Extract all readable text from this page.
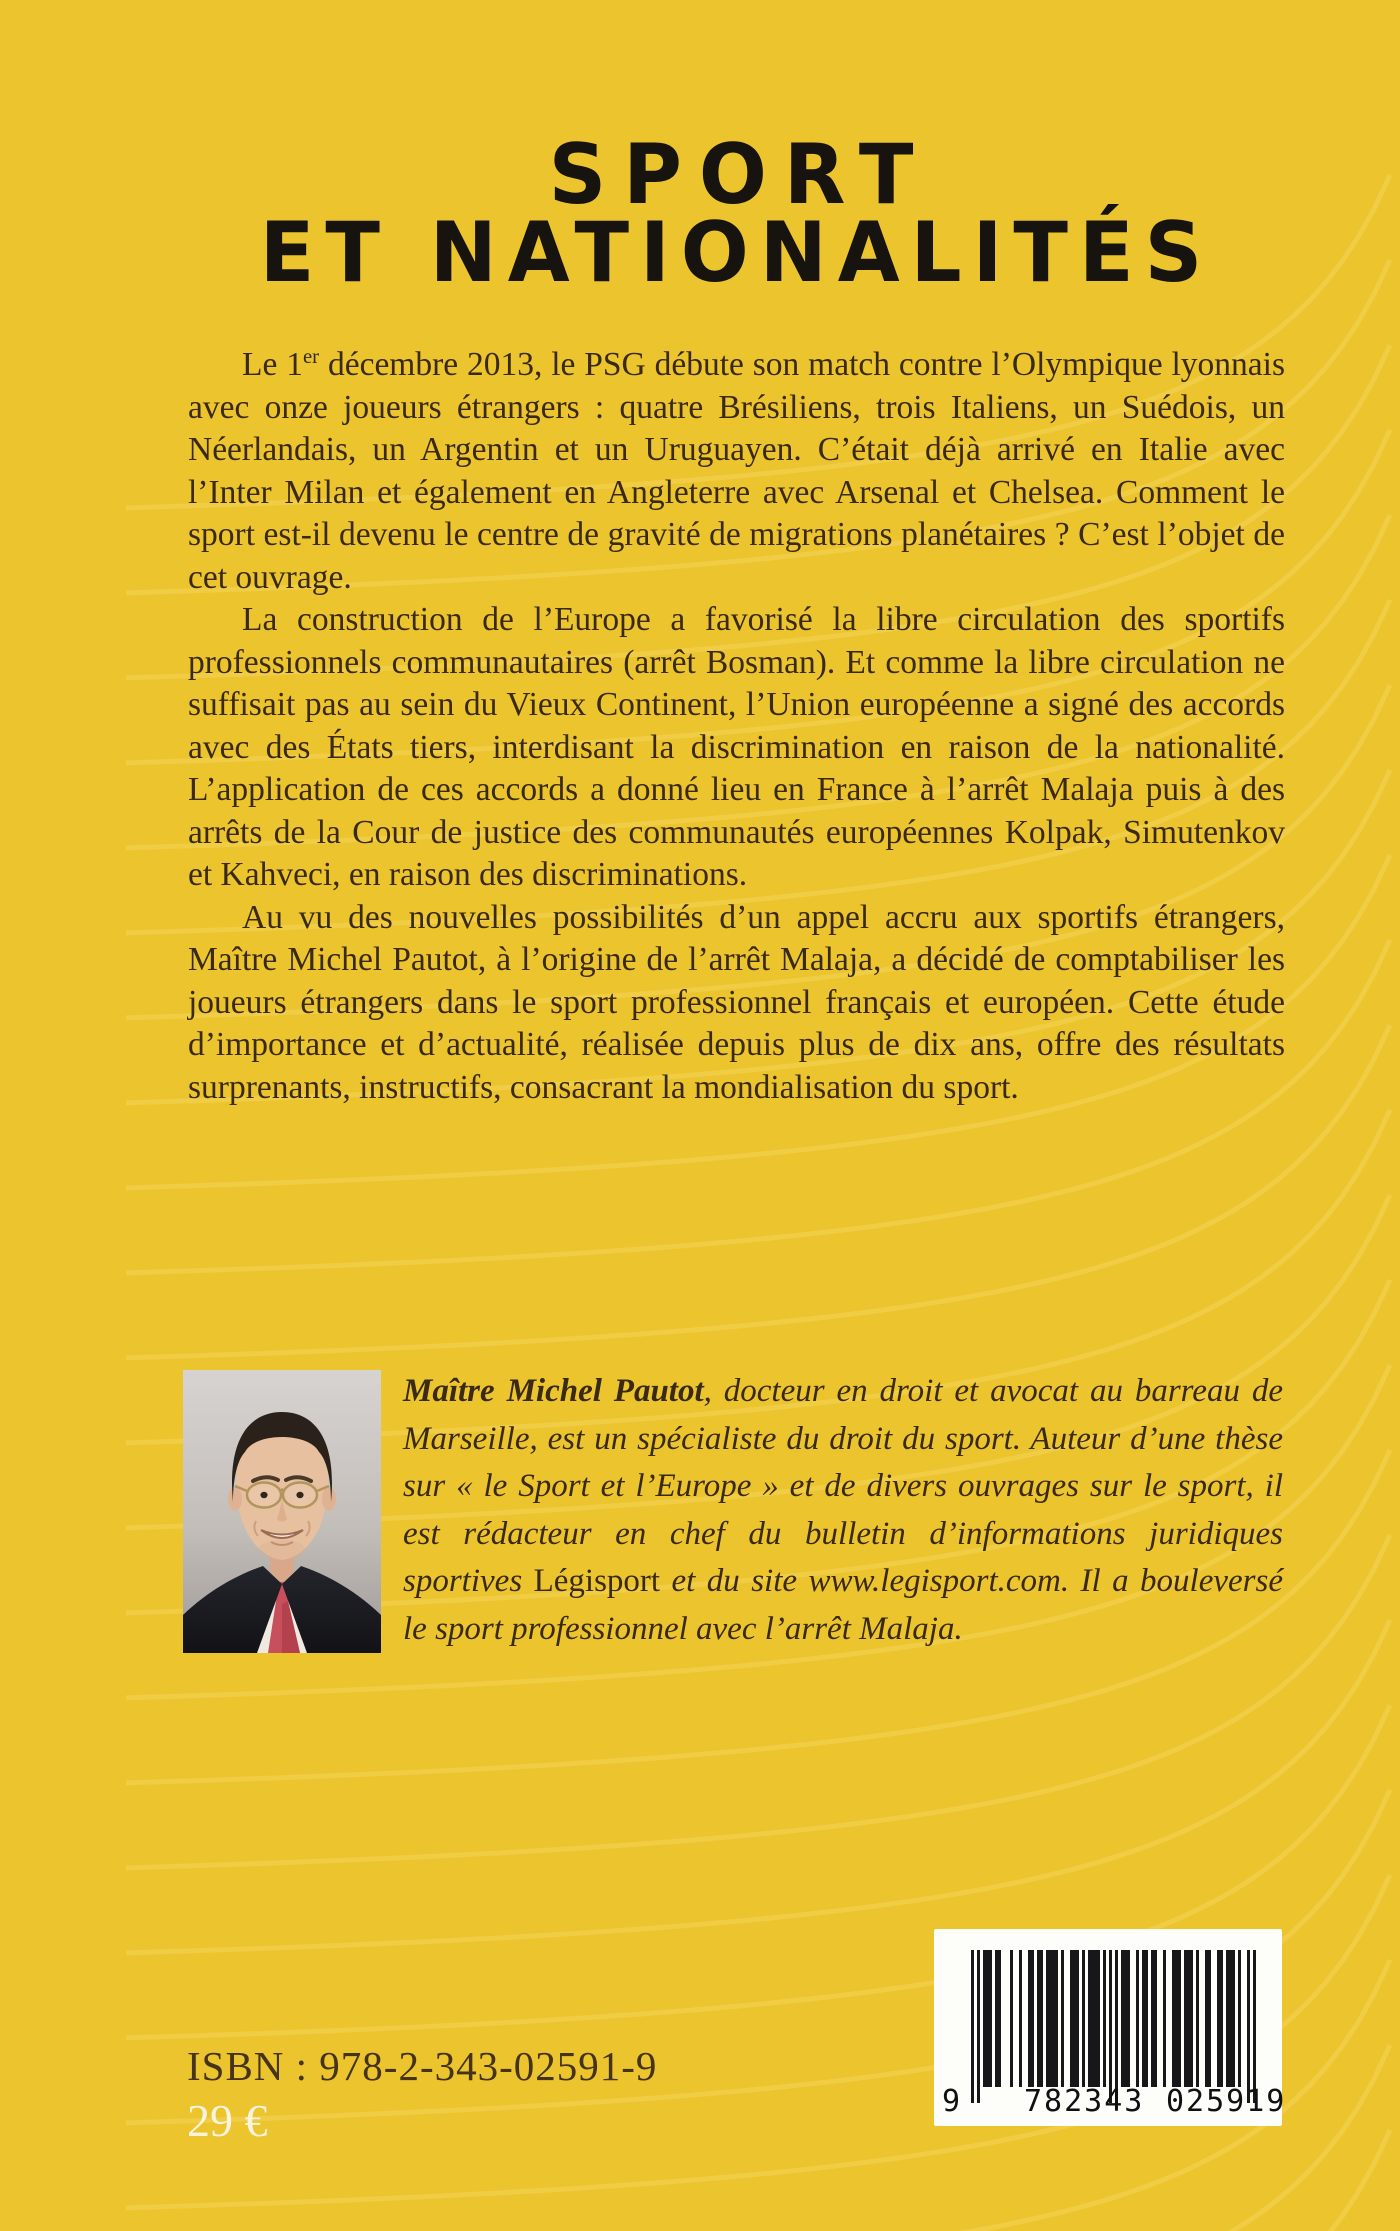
SPORT
ET NATIONALITÉS

Le 1er décembre 2013, le PSG débute son match contre l’Olympique lyonnais avec onze joueurs étrangers : quatre Brésiliens, trois Italiens, un Suédois, un Néerlandais, un Argentin et un Uruguayen. C’était déjà arrivé en Italie avec l’Inter Milan et également en Angleterre avec Arsenal et Chelsea. Comment le sport est-il devenu le centre de gravité de migrations planétaires ? C’est l’objet de cet ouvrage.

La construction de l’Europe a favorisé la libre circulation des sportifs professionnels communautaires (arrêt Bosman). Et comme la libre circulation ne suffisait pas au sein du Vieux Continent, l’Union européenne a signé des accords avec des États tiers, interdisant la discrimination en raison de la nationalité. L’application de ces accords a donné lieu en France à l’arrêt Malaja puis à des arrêts de la Cour de justice des communautés européennes Kolpak, Simutenkov et Kahveci, en raison des discriminations.

Au vu des nouvelles possibilités d’un appel accru aux sportifs étrangers, Maître Michel Pautot, à l’origine de l’arrêt Malaja, a décidé de comptabiliser les joueurs étrangers dans le sport professionnel français et européen. Cette étude d’importance et d’actualité, réalisée depuis plus de dix ans, offre des résultats surprenants, instructifs, consacrant la mondialisation du sport.

Maître Michel Pautot, docteur en droit et avocat au barreau de Marseille, est un spécialiste du droit du sport. Auteur d’une thèse sur « le Sport et l’Europe » et de divers ouvrages sur le sport, il est rédacteur en chef du bulletin d’informations juridiques sportives Légisport et du site www.legisport.com. Il a bouleversé le sport professionnel avec l’arrêt Malaja.

ISBN : 978-2-343-02591-9
29 €	9 782343 025919
